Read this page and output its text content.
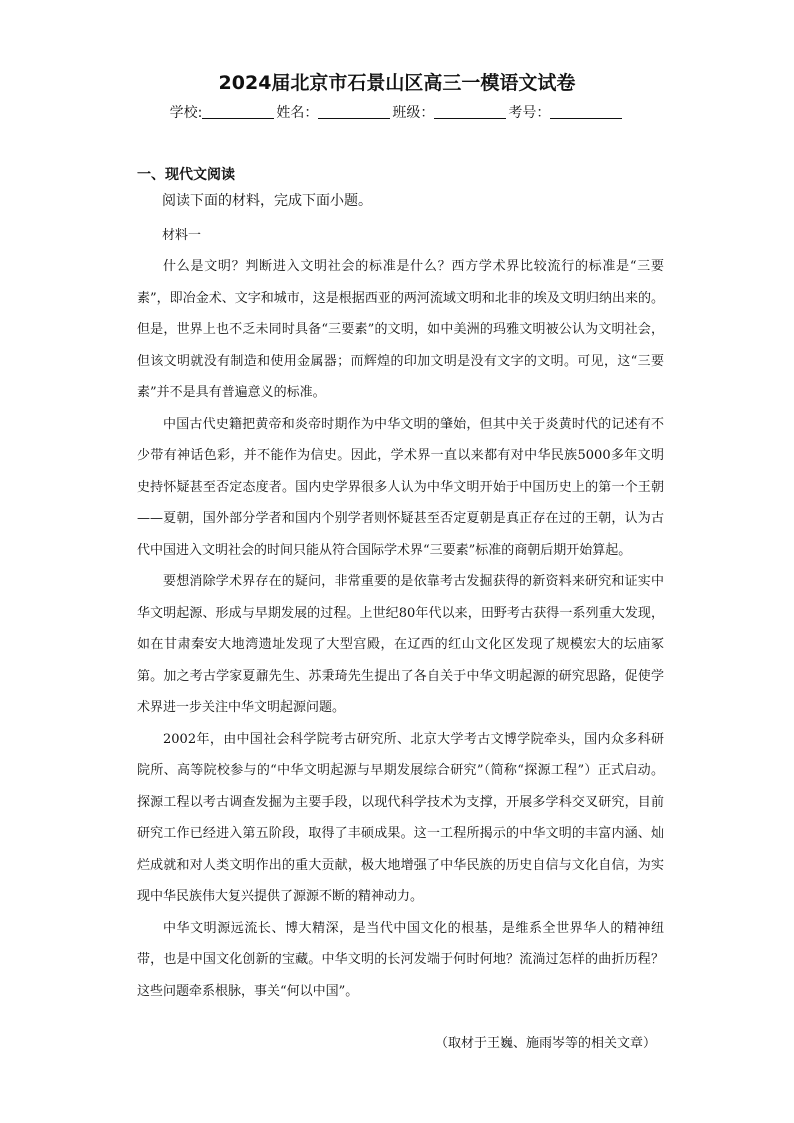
2024届北京市石景山区高三一模语文试卷
学校:	姓名：	班级：	考号：
一、现代文阅读
阅读下面的材料，完成下面小题。
材料一

什么是文明？判断进入文明社会的标准是什么？西方学术界比较流行的标准是“三要素”，即冶金术、文字和城市，这是根据西亚的两河流域文明和北非的埃及文明归纳出来的。但是，世界上也不乏未同时具备“三要素”的文明，如中美洲的玛雅文明被公认为文明社会，但该文明就没有制造和使用金属器；而辉煌的印加文明是没有文字的文明。可见，这“三要素”并不是具有普遍意义的标准。

中国古代史籍把黄帝和炎帝时期作为中华文明的肇始，但其中关于炎黄时代的记述有不少带有神话色彩，并不能作为信史。因此，学术界一直以来都有对中华民族5000多年文明史持怀疑甚至否定态度者。国内史学界很多人认为中华文明开始于中国历史上的第一个王朝——夏朝，国外部分学者和国内个别学者则怀疑甚至否定夏朝是真正存在过的王朝，认为古代中国进入文明社会的时间只能从符合国际学术界“三要素”标准的商朝后期开始算起。

要想消除学术界存在的疑问，非常重要的是依靠考古发掘获得的新资料来研究和证实中华文明起源、形成与早期发展的过程。上世纪80年代以来，田野考古获得一系列重大发现，如在甘肃秦安大地湾遗址发现了大型宫殿，在辽西的红山文化区发现了规模宏大的坛庙冢第。加之考古学家夏鼐先生、苏秉琦先生提出了各自关于中华文明起源的研究思路，促使学术界进一步关注中华文明起源问题。

2002年，由中国社会科学院考古研究所、北京大学考古文博学院牵头，国内众多科研院所、高等院校参与的“中华文明起源与早期发展综合研究”（简称“探源工程”）正式启动。探源工程以考古调查发掘为主要手段，以现代科学技术为支撑，开展多学科交叉研究，目前研究工作已经进入第五阶段，取得了丰硕成果。这一工程所揭示的中华文明的丰富内涵、灿烂成就和对人类文明作出的重大贡献，极大地增强了中华民族的历史自信与文化自信，为实现中华民族伟大复兴提供了源源不断的精神动力。

中华文明源远流长、博大精深，是当代中国文化的根基，是维系全世界华人的精神纽带，也是中国文化创新的宝藏。中华文明的长河发端于何时何地？流淌过怎样的曲折历程？这些问题牵系根脉，事关“何以中国”。

（取材于王巍、施雨岑等的相关文章）
